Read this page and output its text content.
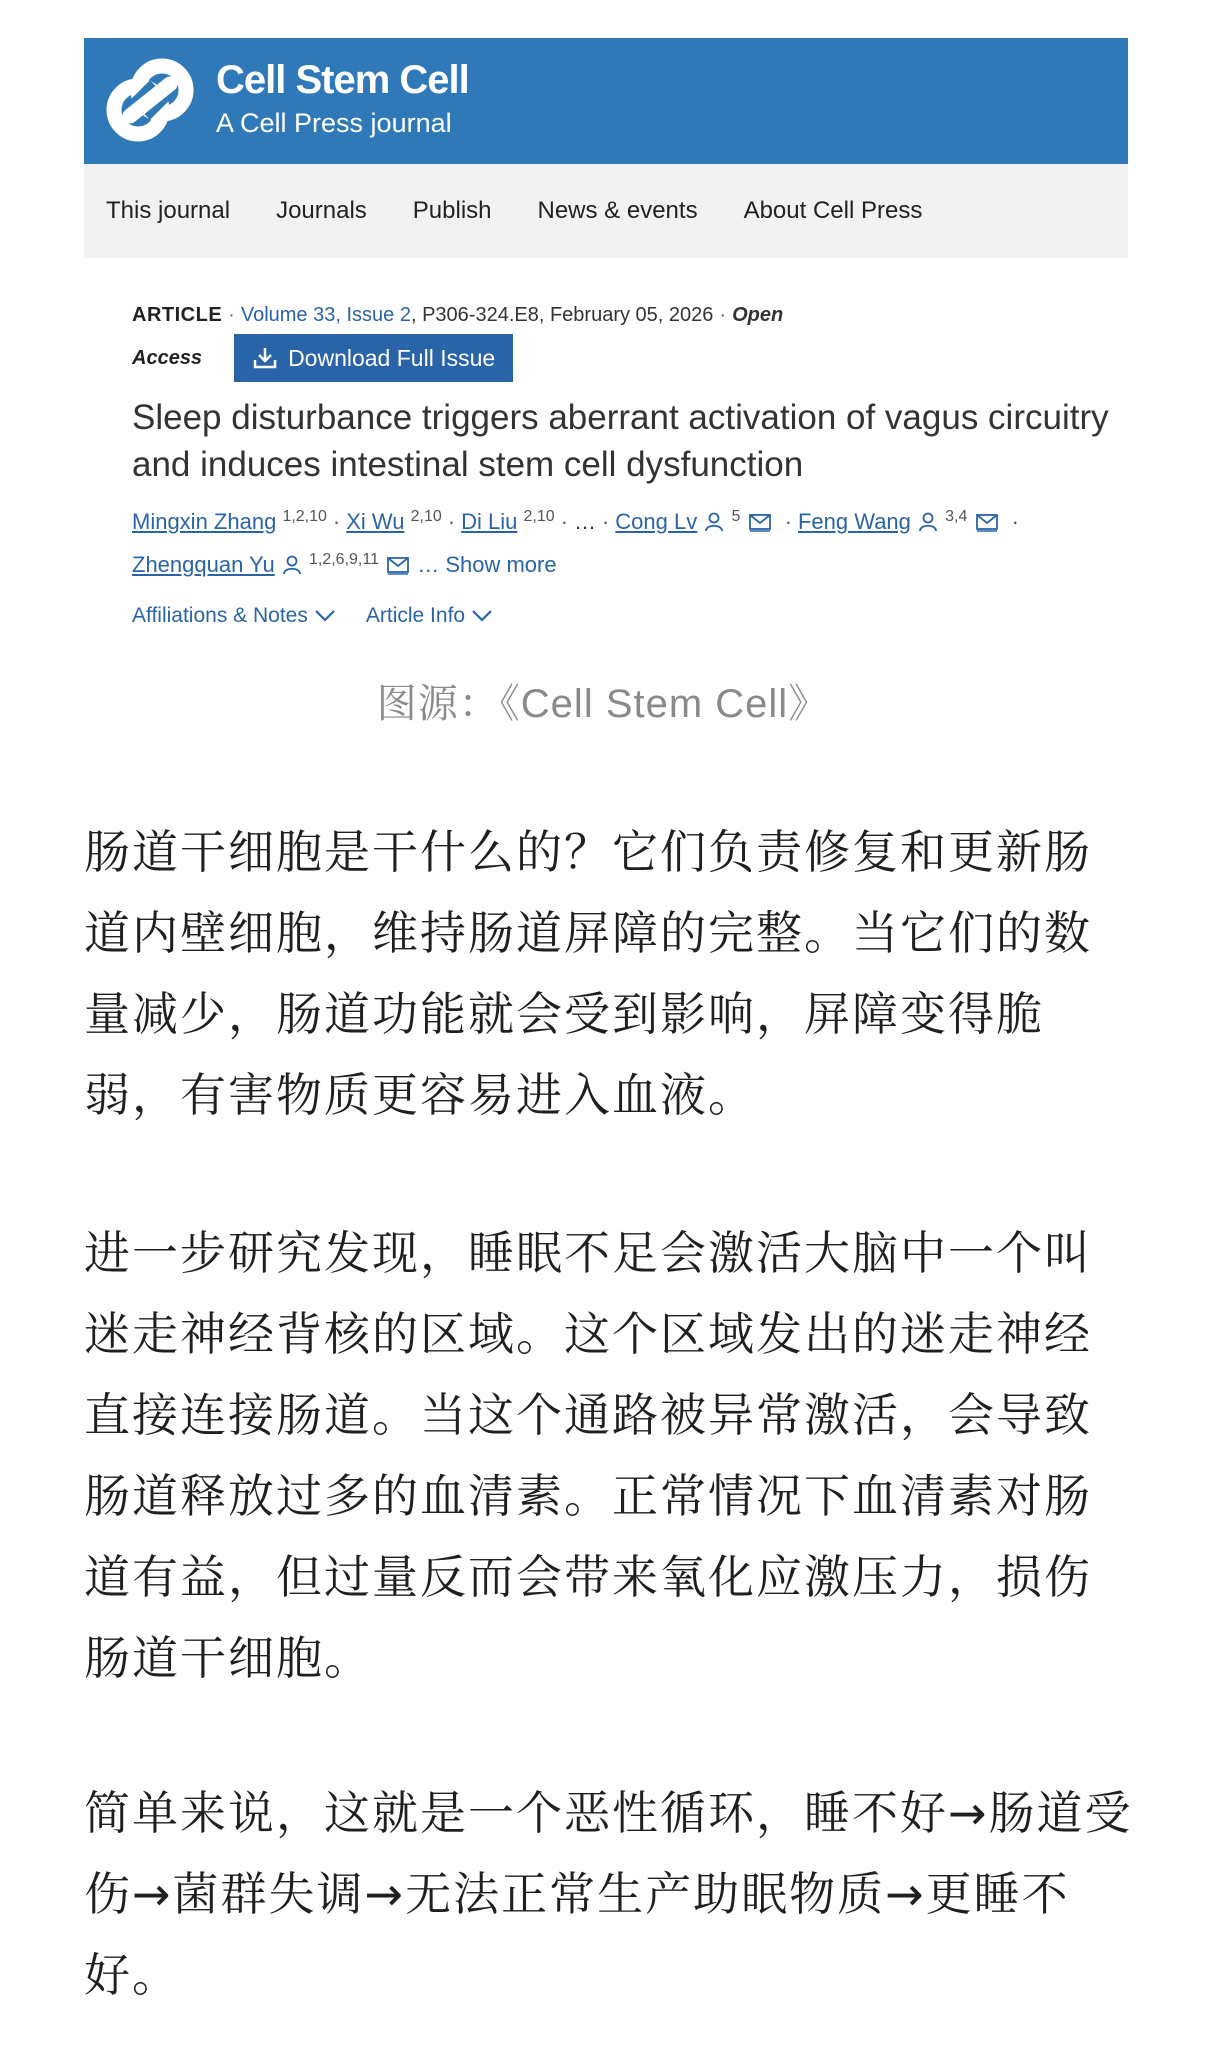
Cell Stem Cell
A Cell Press journal
This journal Journals Publish News & events About Cell Press
ARTICLE · Volume 33, Issue 2, P306-324.E8, February 05, 2026 · Open
Access	Download Full Issue
Sleep disturbance triggers aberrant activation of vagus circuitry and induces intestinal stem cell dysfunction
Mingxin Zhang $^{1,2,10}$ · Xi Wu $^{2,10}$ · Di Liu $^{2,10}$ · … · Cong Lv $^5$ · Feng Wang $^{3,4}$ ·
Zhengquan Yu $^{1,2,6,9,11}$ … Show more
Affiliations & Notes	Article Info
图源：《Cell Stem Cell》

肠道干细胞是干什么的？它们负责修复和更新肠道内壁细胞，维持肠道屏障的完整。当它们的数量减少，肠道功能就会受到影响，屏障变得脆弱，有害物质更容易进入血液。

进一步研究发现，睡眠不足会激活大脑中一个叫迷走神经背核的区域。这个区域发出的迷走神经直接连接肠道。当这个通路被异常激活，会导致肠道释放过多的血清素。正常情况下血清素对肠道有益，但过量反而会带来氧化应激压力，损伤肠道干细胞。

简单来说，这就是一个恶性循环，睡不好→肠道受伤→菌群失调→无法正常生产助眠物质→更睡不好。
